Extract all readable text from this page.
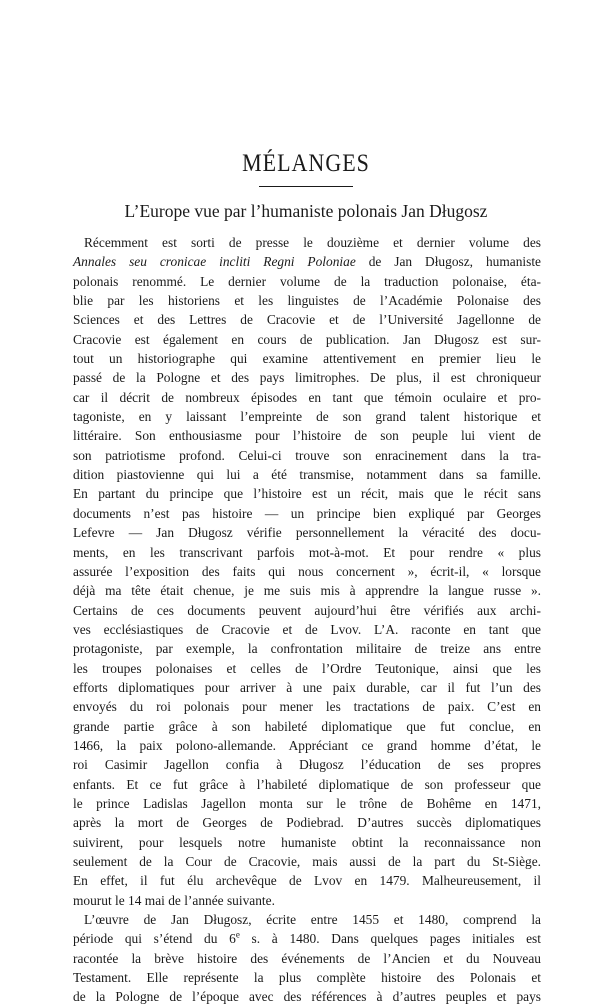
MÉLANGES
L’Europe vue par l’humaniste polonais Jan Długosz
Récemment est sorti de presse le douzième et dernier volume des
Annales seu cronicae incliti Regni Poloniae de Jan Długosz, humaniste
polonais renommé. Le dernier volume de la traduction polonaise, éta-
blie par les historiens et les linguistes de l’Académie Polonaise des
Sciences et des Lettres de Cracovie et de l’Université Jagellonne de
Cracovie est également en cours de publication. Jan Długosz est sur-
tout un historiographe qui examine attentivement en premier lieu le
passé de la Pologne et des pays limitrophes. De plus, il est chroniqueur
car il décrit de nombreux épisodes en tant que témoin oculaire et pro-
tagoniste, en y laissant l’empreinte de son grand talent historique et
littéraire. Son enthousiasme pour l’histoire de son peuple lui vient de
son patriotisme profond. Celui-ci trouve son enracinement dans la tra-
dition piastovienne qui lui a été transmise, notamment dans sa famille.
En partant du principe que l’histoire est un récit, mais que le récit sans
documents n’est pas histoire — un principe bien expliqué par Georges
Lefevre — Jan Długosz vérifie personnellement la véracité des docu-
ments, en les transcrivant parfois mot-à-mot. Et pour rendre « plus
assurée l’exposition des faits qui nous concernent », écrit-il, « lorsque
déjà ma tête était chenue, je me suis mis à apprendre la langue russe ».
Certains de ces documents peuvent aujourd’hui être vérifiés aux archi-
ves ecclésiastiques de Cracovie et de Lvov. L’A. raconte en tant que
protagoniste, par exemple, la confrontation militaire de treize ans entre
les troupes polonaises et celles de l’Ordre Teutonique, ainsi que les
efforts diplomatiques pour arriver à une paix durable, car il fut l’un des
envoyés du roi polonais pour mener les tractations de paix. C’est en
grande partie grâce à son habileté diplomatique que fut conclue, en
1466, la paix polono-allemande. Appréciant ce grand homme d’état, le
roi Casimir Jagellon confia à Długosz l’éducation de ses propres
enfants. Et ce fut grâce à l’habileté diplomatique de son professeur que
le prince Ladislas Jagellon monta sur le trône de Bohême en 1471,
après la mort de Georges de Podiebrad. D’autres succès diplomatiques
suivirent, pour lesquels notre humaniste obtint la reconnaissance non
seulement de la Cour de Cracovie, mais aussi de la part du St-Siège.
En effet, il fut élu archevêque de Lvov en 1479. Malheureusement, il
mourut le 14 mai de l’année suivante.
L’œuvre de Jan Długosz, écrite entre 1455 et 1480, comprend la
période qui s’étend du 6e s. à 1480. Dans quelques pages initiales est
racontée la brève histoire des événements de l’Ancien et du Nouveau
Testament. Elle représente la plus complète histoire des Polonais et
de la Pologne de l’époque avec des références à d’autres peuples et pays
